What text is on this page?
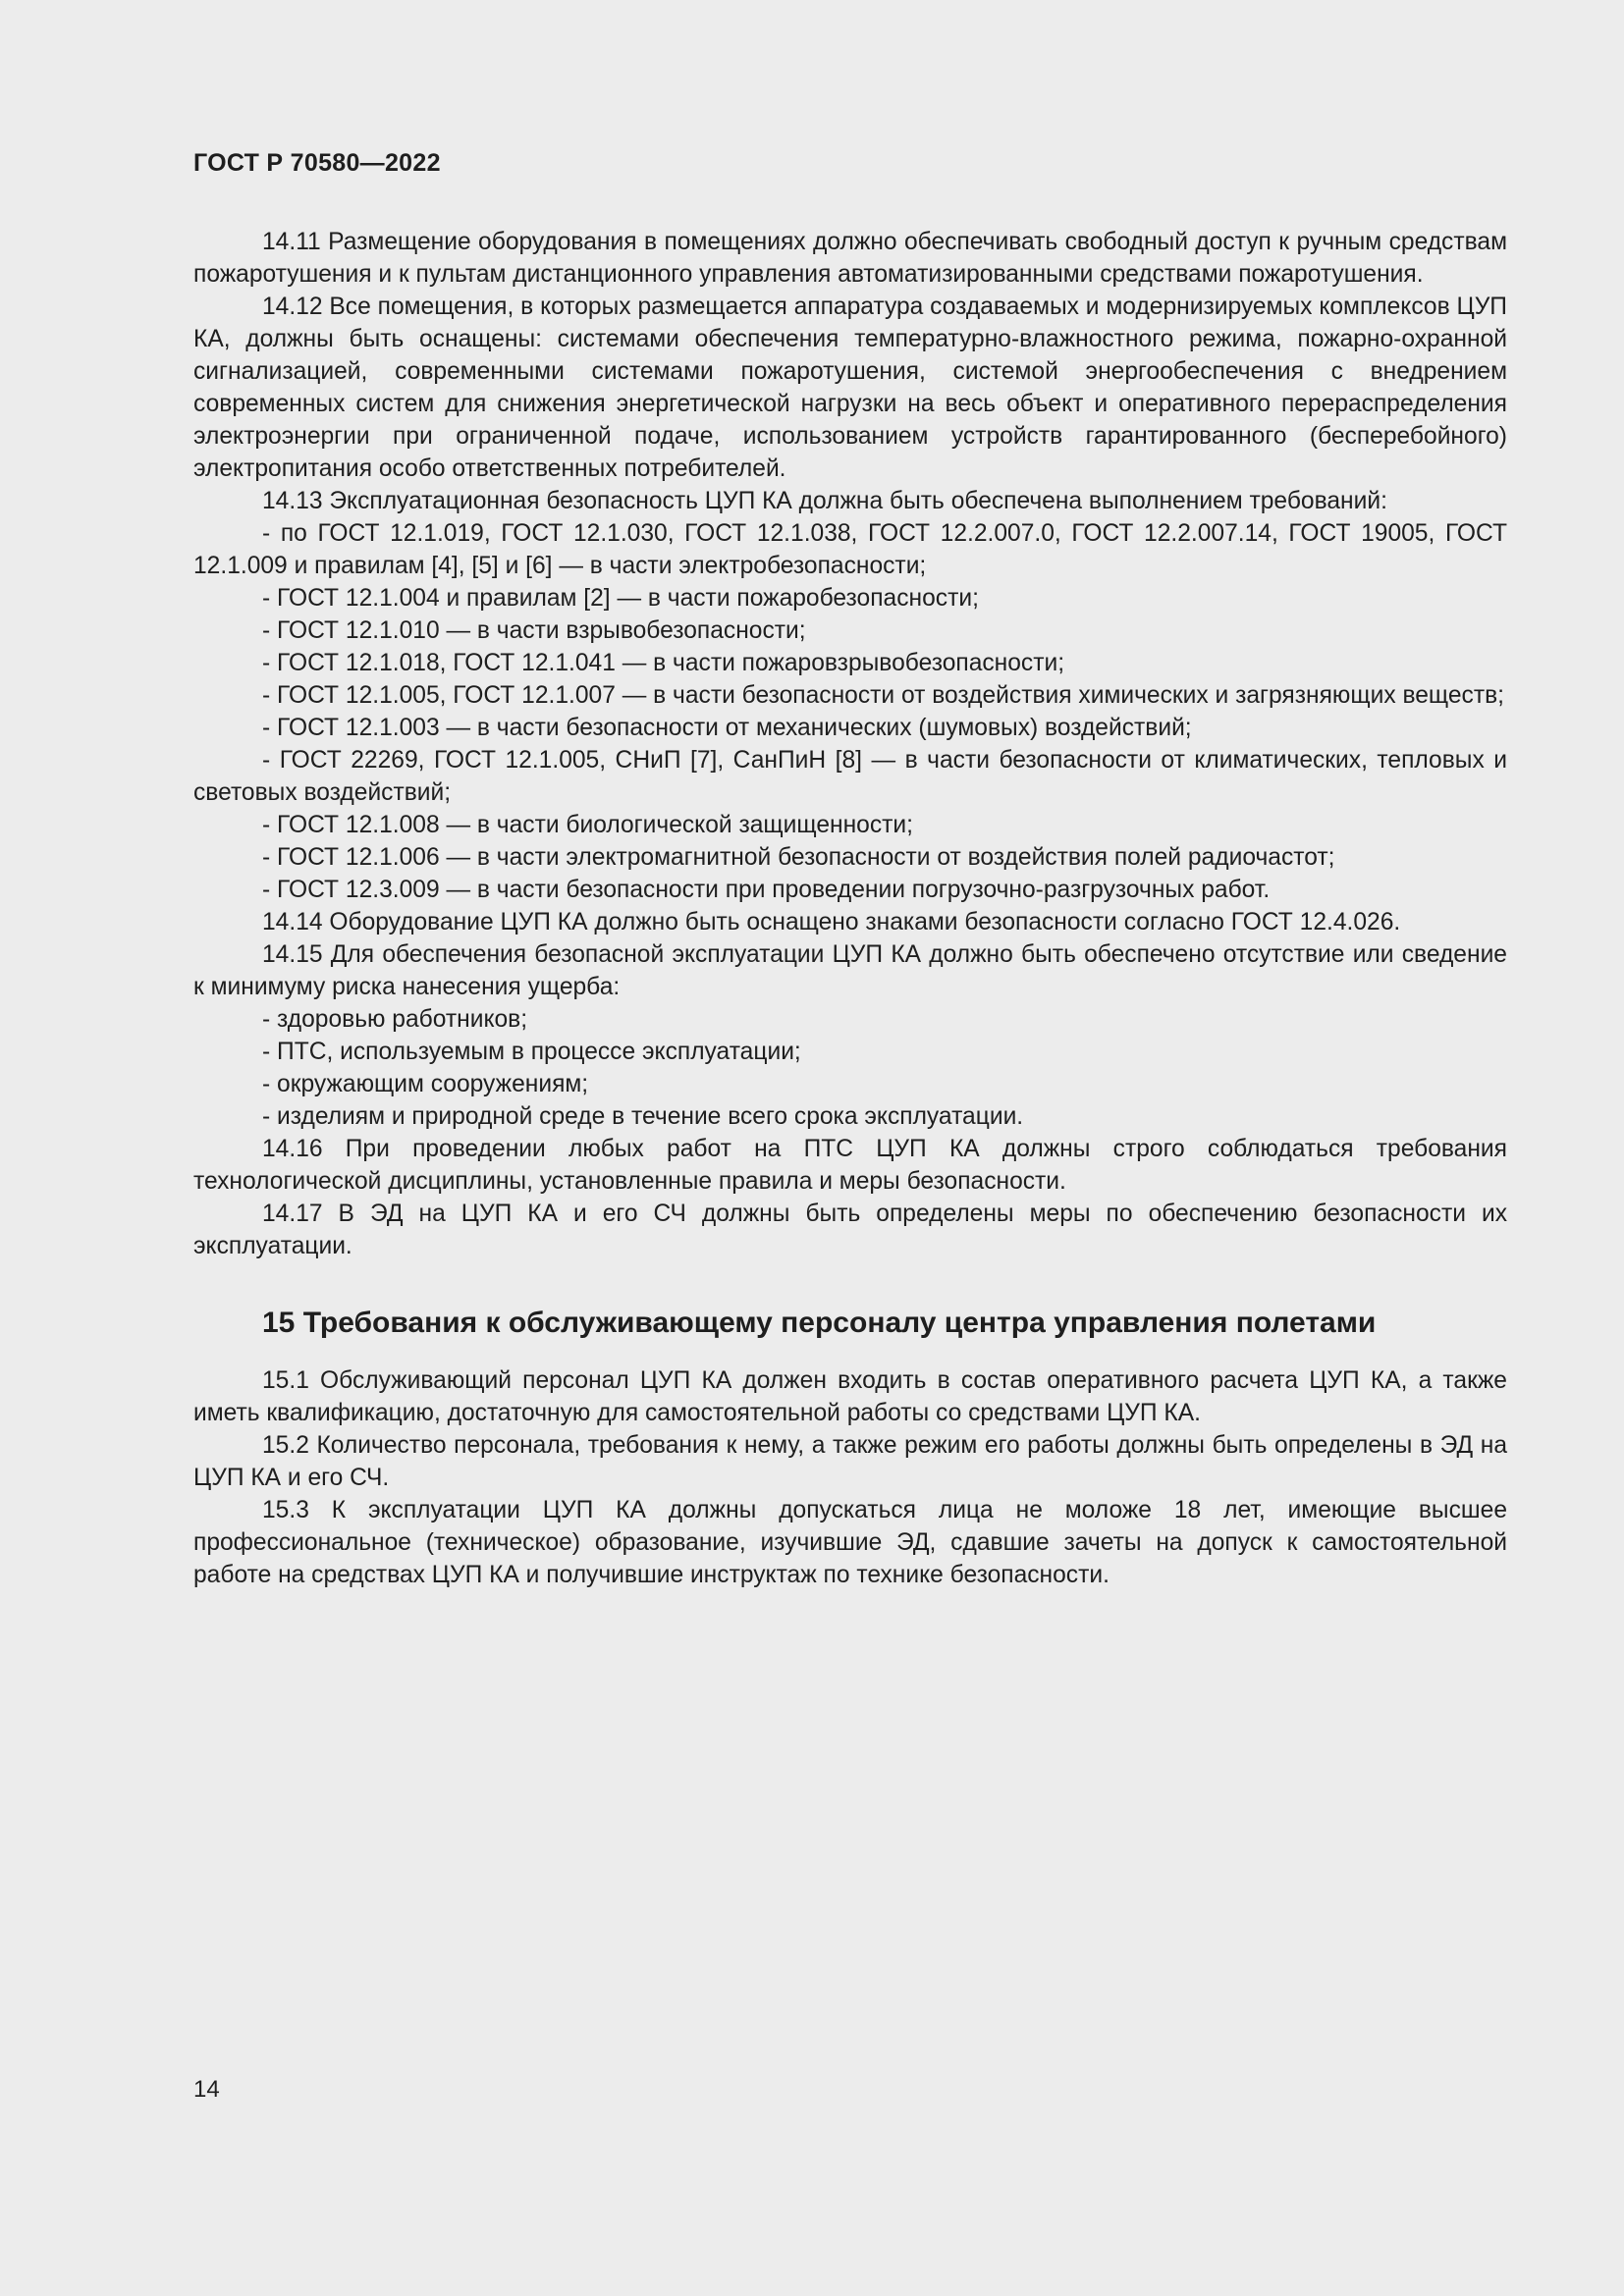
ГОСТ Р 70580—2022

14.11 Размещение оборудования в помещениях должно обеспечивать свободный доступ к ручным средствам пожаротушения и к пультам дистанционного управления автоматизированными средствами пожаротушения.

14.12 Все помещения, в которых размещается аппаратура создаваемых и модернизируемых комплексов ЦУП КА, должны быть оснащены: системами обеспечения температурно-влажностного режима, пожарно-охранной сигнализацией, современными системами пожаротушения, системой энергообеспечения с внедрением современных систем для снижения энергетической нагрузки на весь объект и оперативного перераспределения электроэнергии при ограниченной подаче, использованием устройств гарантированного (бесперебойного) электропитания особо ответственных потребителей.

14.13 Эксплуатационная безопасность ЦУП КА должна быть обеспечена выполнением требований:

- по ГОСТ 12.1.019, ГОСТ 12.1.030, ГОСТ 12.1.038, ГОСТ 12.2.007.0, ГОСТ 12.2.007.14, ГОСТ 19005, ГОСТ 12.1.009 и правилам [4], [5] и [6] — в части электробезопасности;

- ГОСТ 12.1.004 и правилам [2] — в части пожаробезопасности;

- ГОСТ 12.1.010 — в части взрывобезопасности;

- ГОСТ 12.1.018, ГОСТ 12.1.041 — в части пожаровзрывобезопасности;

- ГОСТ 12.1.005, ГОСТ 12.1.007 — в части безопасности от воздействия химических и загрязняющих веществ;

- ГОСТ 12.1.003 — в части безопасности от механических (шумовых) воздействий;

- ГОСТ 22269, ГОСТ 12.1.005, СНиП [7], СанПиН [8] — в части безопасности от климатических, тепловых и световых воздействий;

- ГОСТ 12.1.008 — в части биологической защищенности;

- ГОСТ 12.1.006 — в части электромагнитной безопасности от воздействия полей радиочастот;

- ГОСТ 12.3.009 — в части безопасности при проведении погрузочно-разгрузочных работ.

14.14 Оборудование ЦУП КА должно быть оснащено знаками безопасности согласно ГОСТ 12.4.026.

14.15 Для обеспечения безопасной эксплуатации ЦУП КА должно быть обеспечено отсутствие или сведение к минимуму риска нанесения ущерба:

- здоровью работников;

- ПТС, используемым в процессе эксплуатации;

- окружающим сооружениям;

- изделиям и природной среде в течение всего срока эксплуатации.

14.16 При проведении любых работ на ПТС ЦУП КА должны строго соблюдаться требования технологической дисциплины, установленные правила и меры безопасности.

14.17 В ЭД на ЦУП КА и его СЧ должны быть определены меры по обеспечению безопасности их эксплуатации.

15 Требования к обслуживающему персоналу центра управления полетами

15.1 Обслуживающий персонал ЦУП КА должен входить в состав оперативного расчета ЦУП КА, а также иметь квалификацию, достаточную для самостоятельной работы со средствами ЦУП КА.

15.2 Количество персонала, требования к нему, а также режим его работы должны быть определены в ЭД на ЦУП КА и его СЧ.

15.3 К эксплуатации ЦУП КА должны допускаться лица не моложе 18 лет, имеющие высшее профессиональное (техническое) образование, изучившие ЭД, сдавшие зачеты на допуск к самостоятельной работе на средствах ЦУП КА и получившие инструктаж по технике безопасности.

14
